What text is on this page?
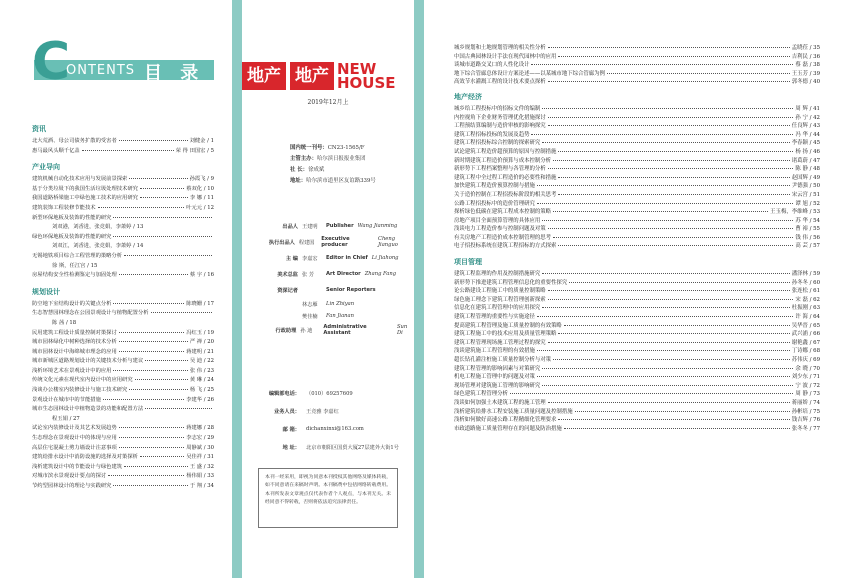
C
ONTENTS 目 录
资讯
北大荒酒、母公司债务扩散的受害者	刘健金 / 1
惠马最风头顺千亿盖	荣 得 田国宏 / 5
产业导向
建筑机械自动化技术应用与发展前景探索	孙霞飞 / 9
基于分类垃圾下的我国生活垃圾处理技术研究	蔡双化 / 10
我国道路桥梁施工中绿色施工技术的应用研究	李 娜 / 11
建筑装饰工程装修节能技术	叶元元 / 12
新型环保地板及装饰的性能的研究
刘双港，刘香进，张竞娟，李萧婷 / 13
绿色环保地板及装饰的性能的研究
刘双江，刘香进，张竞娟，李萧婷 / 14
无锡地铁项目综合工程管理的策略分析
徐 斯，任江宫 / 15
房屋结构安全性检测鉴定与加固处理	蔡 宇 / 16
规划设计
防空地下室结构设计的关键点分析	陈晓姗 / 17
生态智慧园林理念在公园景观设计与植物配置分析
陈 茜 / 18
民用建筑工程设计质量控制对策探讨	冯红玉 / 19
城市园林绿化中树种选择的技术分析	严 禅 / 20
城市园林设计中海绵城市理念的应用	蒋建明 / 21
城市新城区道路规划设计的关键技术分析与建议	吴 迪 / 22
浅析环境艺术在景观设计中的应用	张 伟 / 23
传统文化元素在现代室内设计中的应用研究	黄 琳 / 24
浅谈办公楼室内装修设计与施工技术研究	杨 飞 / 25
景观设计在城市中的节能措施	李建华 / 26
城市生态园林设计中植物造景的功能和配置方法
程玉娟 / 27
试论室内装修设计及其艺术发展趋势	蒋建娜 / 28
生态理念在景观设计中的体现与应用	李志宏 / 29
高层住宅混凝土剪力墙设计注意事项	周静斌 / 30
建筑给排水设计中消防设施的选择及对策探析	吴佳祥 / 31
浅析建筑设计中的节能设计与绿色建筑	王 盛 / 32
对城市滨水景观设计要点的探讨	杨伟娟 / 33
节约型园林设计的理论与实践研究	于 翔 / 34
地产 地产 NEW
HOUSE
2019年12月上
国内统一刊号：CN23-1565/F
主管主办：哈尔滨日报报业集团
社 长：徐成斌
地址：哈尔滨市道里区友谊路339号
出品人 王建明	Publisher Wang Jianming
执行出品人 程建国
Executive producer
Cheng Jianguo
主 编 李嘉宏	Editor in Chief Li Jiahong
美术总监 张 芳	Art Director Zhang Fang
资深记者	Senior Reporters
林志雁	Lin Zhiyan
樊佳楠	Fan Jianan
行政助理 孙 迪
Administrative Assistant
Sun Di
编辑部电话：	（010）69257609
业务人员：	王竞雅 李嘉红
邮 箱：	dichanxinxi@163.com
地 址：	北京市朝阳区国贸大厦27层建外大街1号
本刊一经采用，即视为同意本刊授权其他网络及媒体转载，如不同意请在来稿时声明。本刊稿费中包括网络转载费用。本刊所发表文章观点仅代表作者个人观点，与本刊无关。未经同意不得转载，否则将依法追究法律责任。
城乡规划和土地规划管理的相关性分析	孟晓莅 / 35
中国古典园林设计手法在现代园林中的应用	吉利民 / 36
谈城市道路交叉口的人性化设计	蔡 磊 / 38
地下综合管廊总体设计方案论述——以某城市地下综合管廊为例	王玉芳 / 39
高效节水灌溉工程的设计技术要点探析	郭冬德 / 40
地产经济
城乡给工程投标中的招标文件的编制	周 辉 / 41
内控视角下企业财务管理优化措施探讨	孙 宁 / 42
工程预结算编制与造价审核的影响探究	任良辉 / 43
建筑工程招标投标的发展及趋势	冯 华 / 44
建筑工程招投标综合控制的探索研究	李春颖 / 45
试论建筑工程造价超预算的原因与控制措施	杨 扬 / 46
新时期建筑工程造价预算与成本控制分析	诸葛蔚 / 47
新形势下工程档案整理与各管理的分析	陈 静 / 48
建筑工程中全过程工程造价的必要性和措施	赵国辉 / 49
加快建筑工程造价预算控制与措施	尹德强 / 50
关于造价控制在工程招投标阶段的相关思考	宋云宫 / 51
公路工程招投标中的造价管理研究	谭 旭 / 52
探析绿色低碳在建筑工程成本控制的策略	王玉梅，李维峰 / 53
房地产项目全面预算管理的具体应用	苏 华 / 54
浅谈电力工程造价参与控制问题及对策	曹 裕 / 55
有关房地产工程造价成本控制管理的思考	钱 伟 / 56
电子招投标系统在建筑工程招标的方式探索	高 芸 / 57
项目管理
建筑工程监理的作用及控制措施研究	潘泽林 / 59
新形势下推进建筑工程管理信息化的重要性探究	孙冬冬 / 60
论公路建设工程施工中的质量控制策略	张连松 / 61
绿色施工理念下建筑工程管理创新探索	宋 磊 / 62
信息化在建筑工程管理中的应用探究	杜振刚 / 63
建筑工程管理的重要性与实施途径	许 海 / 64
提高建筑工程管理及施工质量控制的有效策略	吴华晋 / 65
建筑工程施工中的技术应用及质量管理策略	武兴浦 / 66
建筑工程管理现场施工管理过程的探究	谢艳鑫 / 67
浅谈建筑施工工程管理的有效措施	丁诗娜 / 68
超长钻孔灌注桩施工质量控制分析与对策	苏伟庆 / 69
建筑工程管理的影响因素与对策研究	余 晓 / 70
机电工程施工管理中的问题及对策	刘少东 / 71
现场管理对建筑施工管理的影响研究	宁 波 / 72
绿色建筑工程管理分析	周 静 / 73
浅谈如何加强土木建筑工程的施工管理	蒋丽娇 / 74
浅析建筑给排水工程安装施工质量问题及控制措施	孙彬培 / 75
浅析如何做好高速公路工程精细化管理要求	钱吉辉 / 76
市政道路施工质量管理存在的问题及防治措施	张冬冬 / 77
